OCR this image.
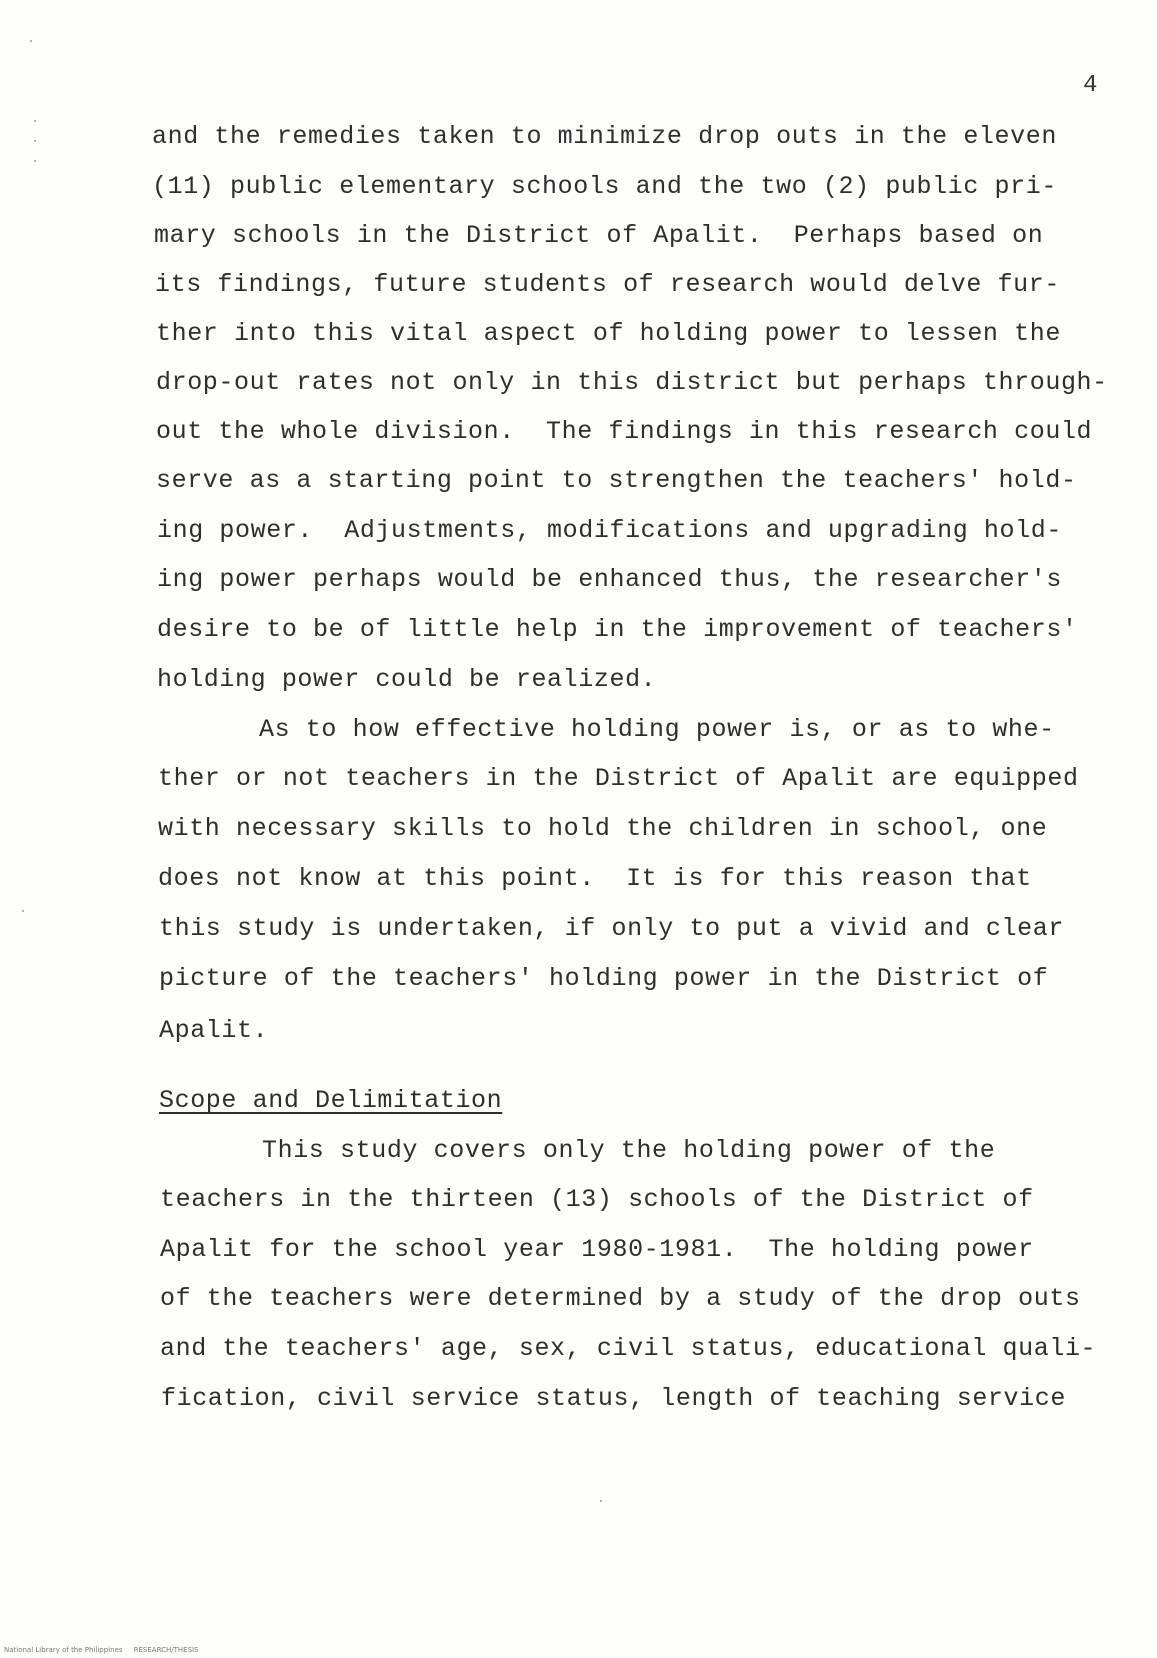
4
and the remedies taken to minimize drop outs in the eleven
(11) public elementary schools and the two (2) public pri-
mary schools in the District of Apalit.  Perhaps based on
its findings, future students of research would delve fur-
ther into this vital aspect of holding power to lessen the
drop-out rates not only in this district but perhaps through-
out the whole division.  The findings in this research could
serve as a starting point to strengthen the teachers' hold-
ing power.  Adjustments, modifications and upgrading hold-
ing power perhaps would be enhanced thus, the researcher's
desire to be of little help in the improvement of teachers'
holding power could be realized.
As to how effective holding power is, or as to whe-
ther or not teachers in the District of Apalit are equipped
with necessary skills to hold the children in school, one
does not know at this point.  It is for this reason that
this study is undertaken, if only to put a vivid and clear
picture of the teachers' holding power in the District of
Apalit.
Scope and Delimitation
This study covers only the holding power of the
teachers in the thirteen (13) schools of the District of
Apalit for the school year 1980-1981.  The holding power
of the teachers were determined by a study of the drop outs
and the teachers' age, sex, civil status, educational quali-
fication, civil service status, length of teaching service
National Library of the Philippines RESEARCH/THESIS
